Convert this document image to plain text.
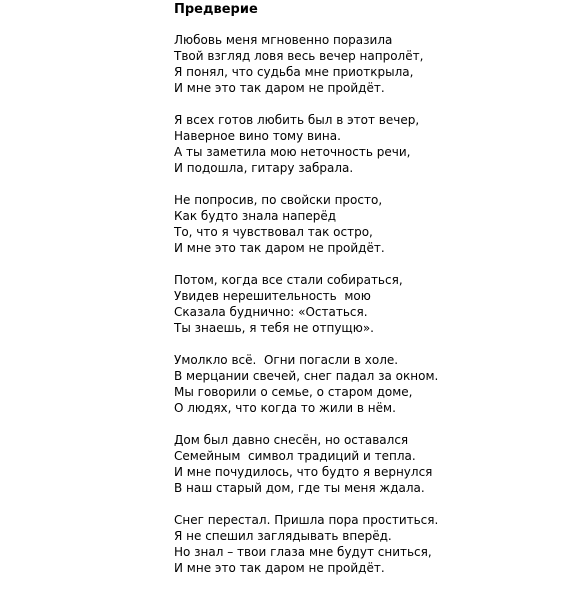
Предверие
Любовь меня мгновенно поразила
Твой взгляд ловя весь вечер напролёт,
Я понял, что судьба мне приоткрыла,
И мне это так даром не пройдёт.
Я всех готов любить был в этот вечер,
Наверное вино тому вина.
А ты заметила мою неточность речи,
И подошла, гитару забрала.
Не попросив, по свойски просто,
Как будто знала наперёд
То, что я чувствовал так остро,
И мне это так даром не пройдёт.
Потом, когда все стали собираться,
Увидев нерешительность  мою
Сказала буднично: «Остаться.
Ты знаешь, я тебя не отпущю».
Умолкло всё.  Огни погасли в холе.
В мерцании свечей, снег падал за окном.
Мы говорили о семье, о старом доме,
О людях, что когда то жили в нём.
Дом был давно снесён, но оставался
Семейным  символ традиций и тепла.
И мне почудилось, что будто я вернулся
В наш старый дом, где ты меня ждала.
Снег перестал. Пришла пора проститься.
Я не спешил заглядывать вперёд.
Но знал – твои глаза мне будут сниться,
И мне это так даром не пройдёт.
